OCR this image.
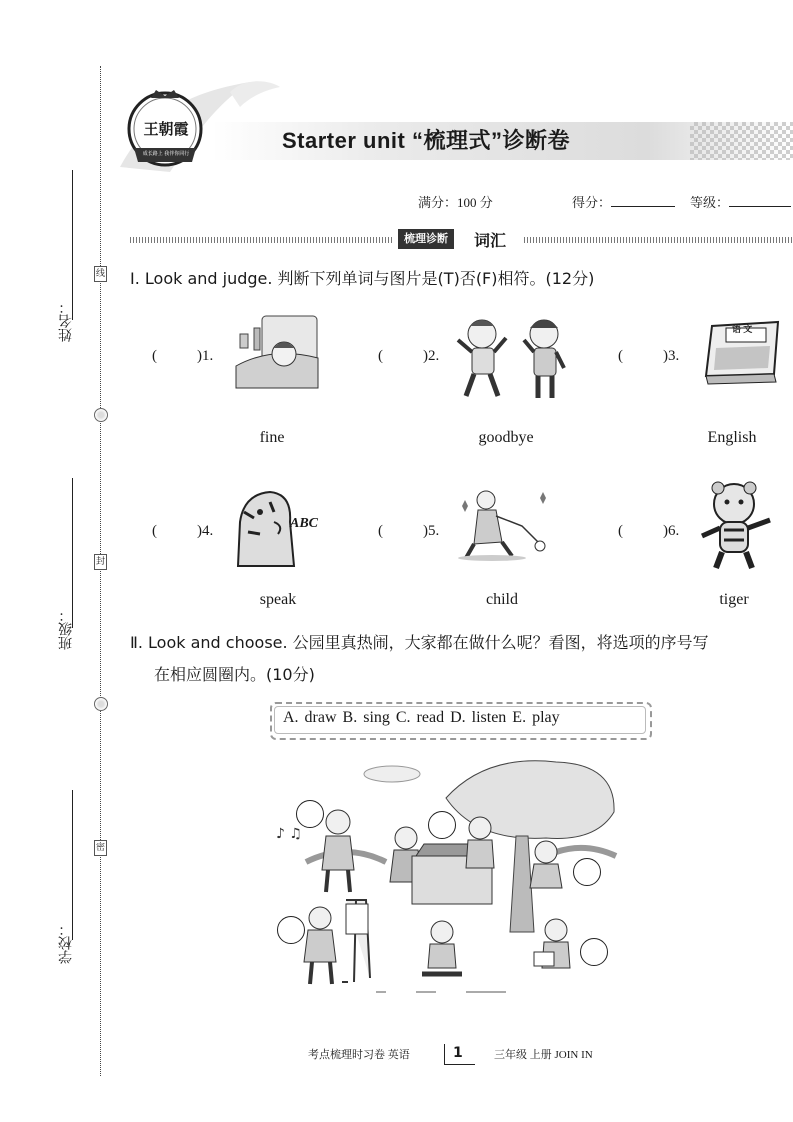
姓名：
班级：
学校：
线
封
密
王朝霞
成长路上 我伴你同行
Starter unit “梳理式”诊断卷
满分：100 分	得分：	等级：
梳理诊断	词汇
Ⅰ. Look and judge. 判断下列单词与图片是(T)否(F)相符。(12分)
(	)1.
fine
(	)2.
goodbye
(	)3.
语 文
English
(	)4.	ABC
speak
(	)5.
child
(	)6.
tiger
Ⅱ. Look and choose. 公园里真热闹，大家都在做什么呢？看图，将选项的序号写
在相应圆圈内。(10分)
A. draw B. sing C. read D. listen E. play
♪ ♫
考点梳理时习卷 英语	1	三年级 上册 JOIN IN
